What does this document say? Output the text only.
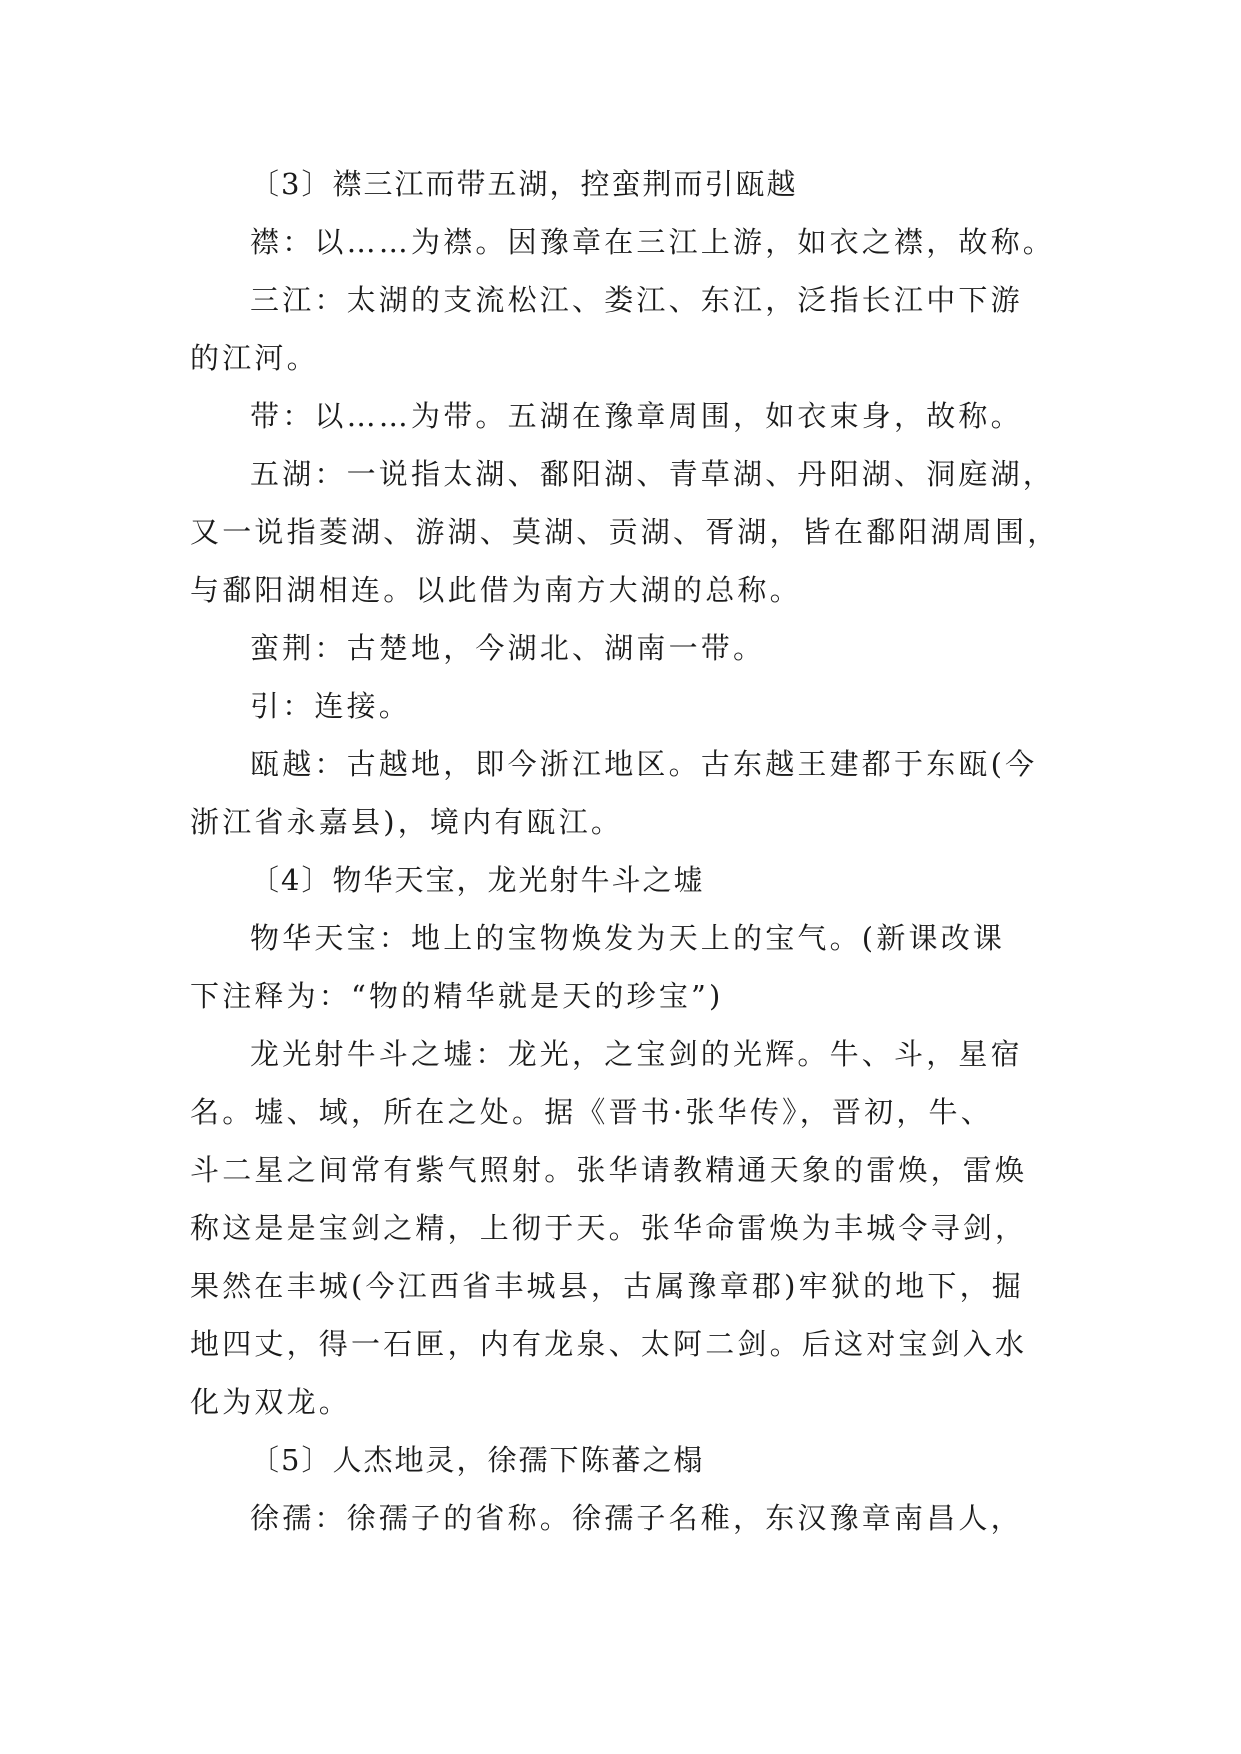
〔3〕襟三江而带五湖，控蛮荆而引瓯越
襟：以……为襟。因豫章在三江上游，如衣之襟，故称。
三江：太湖的支流松江、娄江、东江，泛指长江中下游
的江河。
带：以……为带。五湖在豫章周围，如衣束身，故称。
五湖：一说指太湖、鄱阳湖、青草湖、丹阳湖、洞庭湖，
又一说指菱湖、游湖、莫湖、贡湖、胥湖，皆在鄱阳湖周围，
与鄱阳湖相连。以此借为南方大湖的总称。
蛮荆：古楚地，今湖北、湖南一带。
引：连接。
瓯越：古越地，即今浙江地区。古东越王建都于东瓯(今
浙江省永嘉县)，境内有瓯江。
〔4〕物华天宝，龙光射牛斗之墟
物华天宝：地上的宝物焕发为天上的宝气。(新课改课
下注释为：“物的精华就是天的珍宝”)
龙光射牛斗之墟：龙光，之宝剑的光辉。牛、斗，星宿
名。墟、域，所在之处。据《晋书·张华传》，晋初，牛、
斗二星之间常有紫气照射。张华请教精通天象的雷焕，雷焕
称这是是宝剑之精，上彻于天。张华命雷焕为丰城令寻剑，
果然在丰城(今江西省丰城县，古属豫章郡)牢狱的地下，掘
地四丈，得一石匣，内有龙泉、太阿二剑。后这对宝剑入水
化为双龙。
〔5〕人杰地灵，徐孺下陈蕃之榻
徐孺：徐孺子的省称。徐孺子名稚，东汉豫章南昌人，
